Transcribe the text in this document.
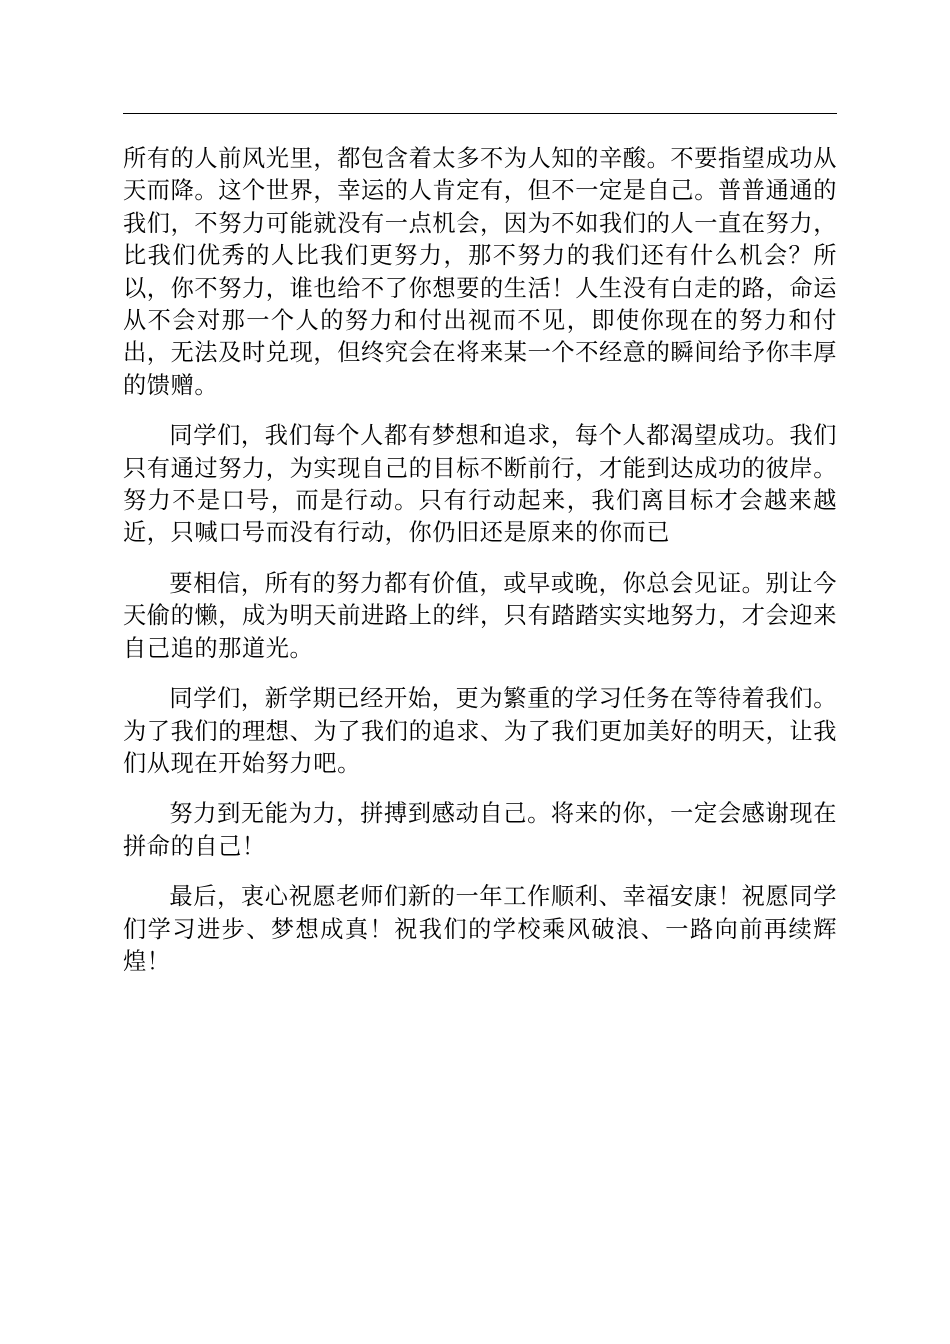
所有的人前风光里，都包含着太多不为人知的辛酸。不要指望成功从天而降。这个世界，幸运的人肯定有，但不一定是自己。普普通通的我们，不努力可能就没有一点机会，因为不如我们的人一直在努力，比我们优秀的人比我们更努力，那不努力的我们还有什么机会？所以，你不努力，谁也给不了你想要的生活！人生没有白走的路，命运从不会对那一个人的努力和付出视而不见，即使你现在的努力和付出，无法及时兑现，但终究会在将来某一个不经意的瞬间给予你丰厚的馈赠。

同学们，我们每个人都有梦想和追求，每个人都渴望成功。我们只有通过努力，为实现自己的目标不断前行，才能到达成功的彼岸。努力不是口号，而是行动。只有行动起来，我们离目标才会越来越近，只喊口号而没有行动，你仍旧还是原来的你而已

要相信，所有的努力都有价值，或早或晚，你总会见证。别让今天偷的懒，成为明天前进路上的绊，只有踏踏实实地努力，才会迎来自己追的那道光。

同学们，新学期已经开始，更为繁重的学习任务在等待着我们。为了我们的理想、为了我们的追求、为了我们更加美好的明天，让我们从现在开始努力吧。

努力到无能为力，拼搏到感动自己。将来的你，一定会感谢现在拼命的自己！

最后，衷心祝愿老师们新的一年工作顺利、幸福安康！祝愿同学们学习进步、梦想成真！祝我们的学校乘风破浪、一路向前再续辉煌！
